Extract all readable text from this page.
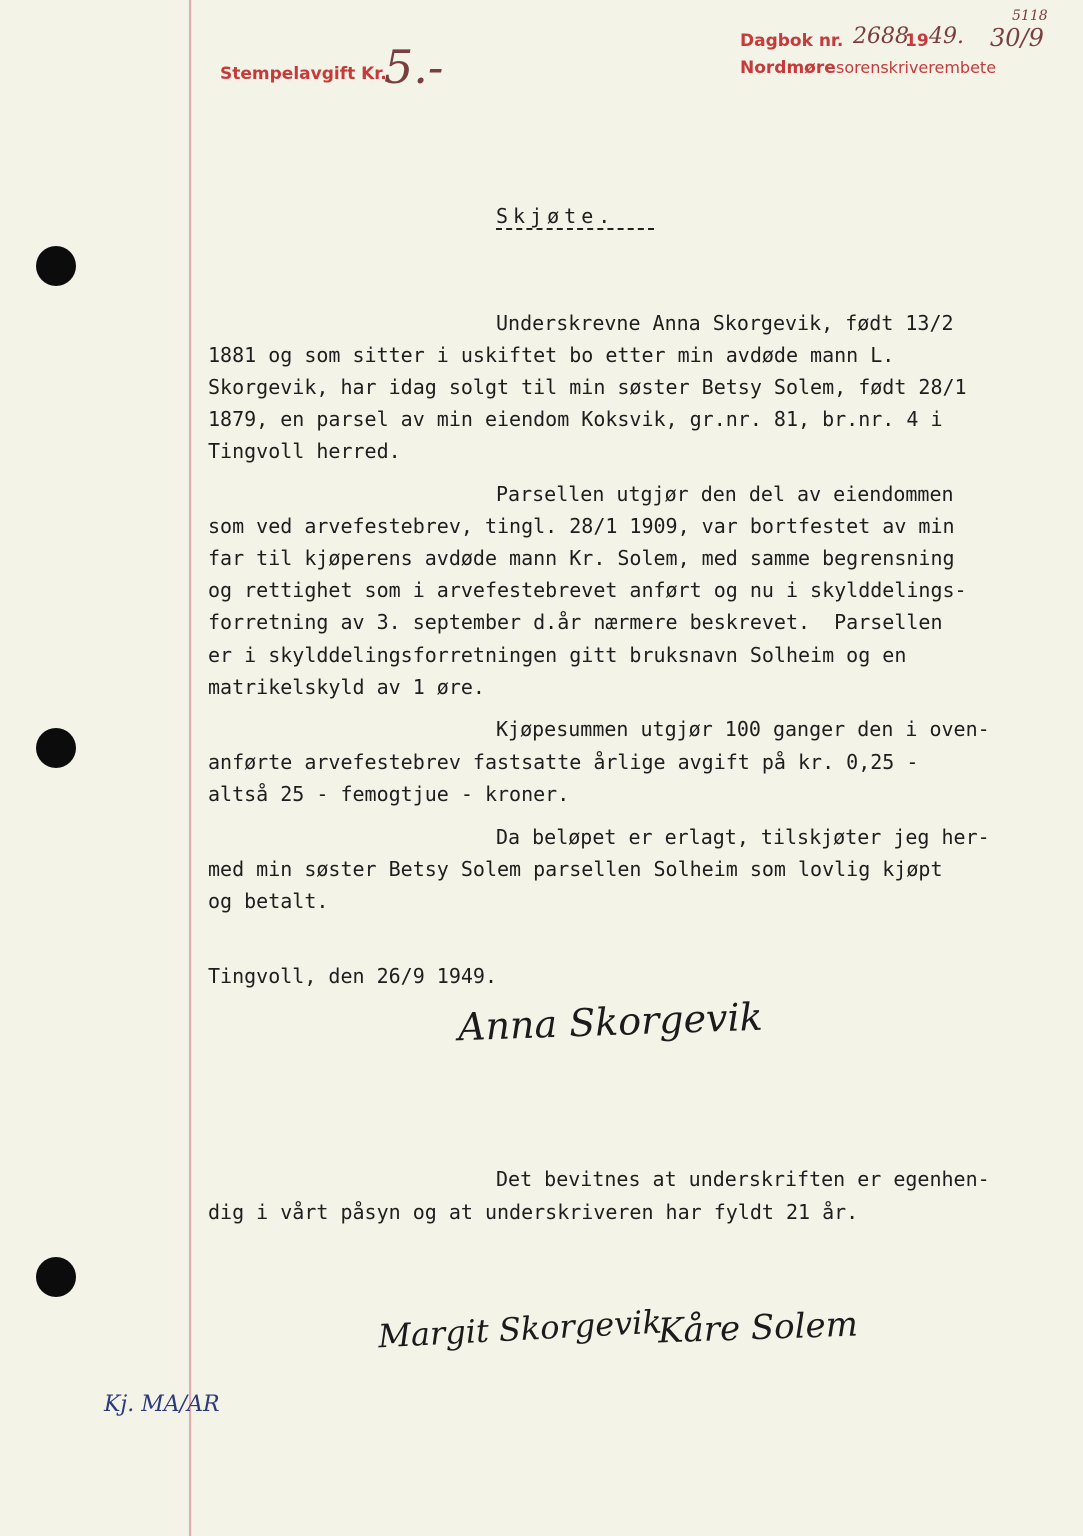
Stempelavgift Kr.
5.-	Dagbok nr. 2688
19 49. 30/9
5118
Nordmøre sorenskriverembete
Skjøte.
Underskrevne Anna Skorgevik, født 13/2
1881 og som sitter i uskiftet bo etter min avdøde mann L.
Skorgevik, har idag solgt til min søster Betsy Solem, født 28/1
1879, en parsel av min eiendom Koksvik, gr.nr. 81, br.nr. 4 i
Tingvoll herred.
Parsellen utgjør den del av eiendommen
som ved arvefestebrev, tingl. 28/1 1909, var bortfestet av min
far til kjøperens avdøde mann Kr. Solem, med samme begrensning
og rettighet som i arvefestebrevet anført og nu i skylddelings-
forretning av 3. september d.år nærmere beskrevet.  Parsellen
er i skylddelingsforretningen gitt bruksnavn Solheim og en
matrikelskyld av 1 øre.
Kjøpesummen utgjør 100 ganger den i oven-
anførte arvefestebrev fastsatte årlige avgift på kr. 0,25 -
altså 25 - femogtjue - kroner.
Da beløpet er erlagt, tilskjøter jeg her-
med min søster Betsy Solem parsellen Solheim som lovlig kjøpt
og betalt.
Tingvoll, den 26/9 1949.
Anna Skorgevik
Det bevitnes at underskriften er egenhen-
dig i vårt påsyn og at underskriveren har fyldt 21 år.
Margit Skorgevik
Kåre Solem
Kj. MA/AR
